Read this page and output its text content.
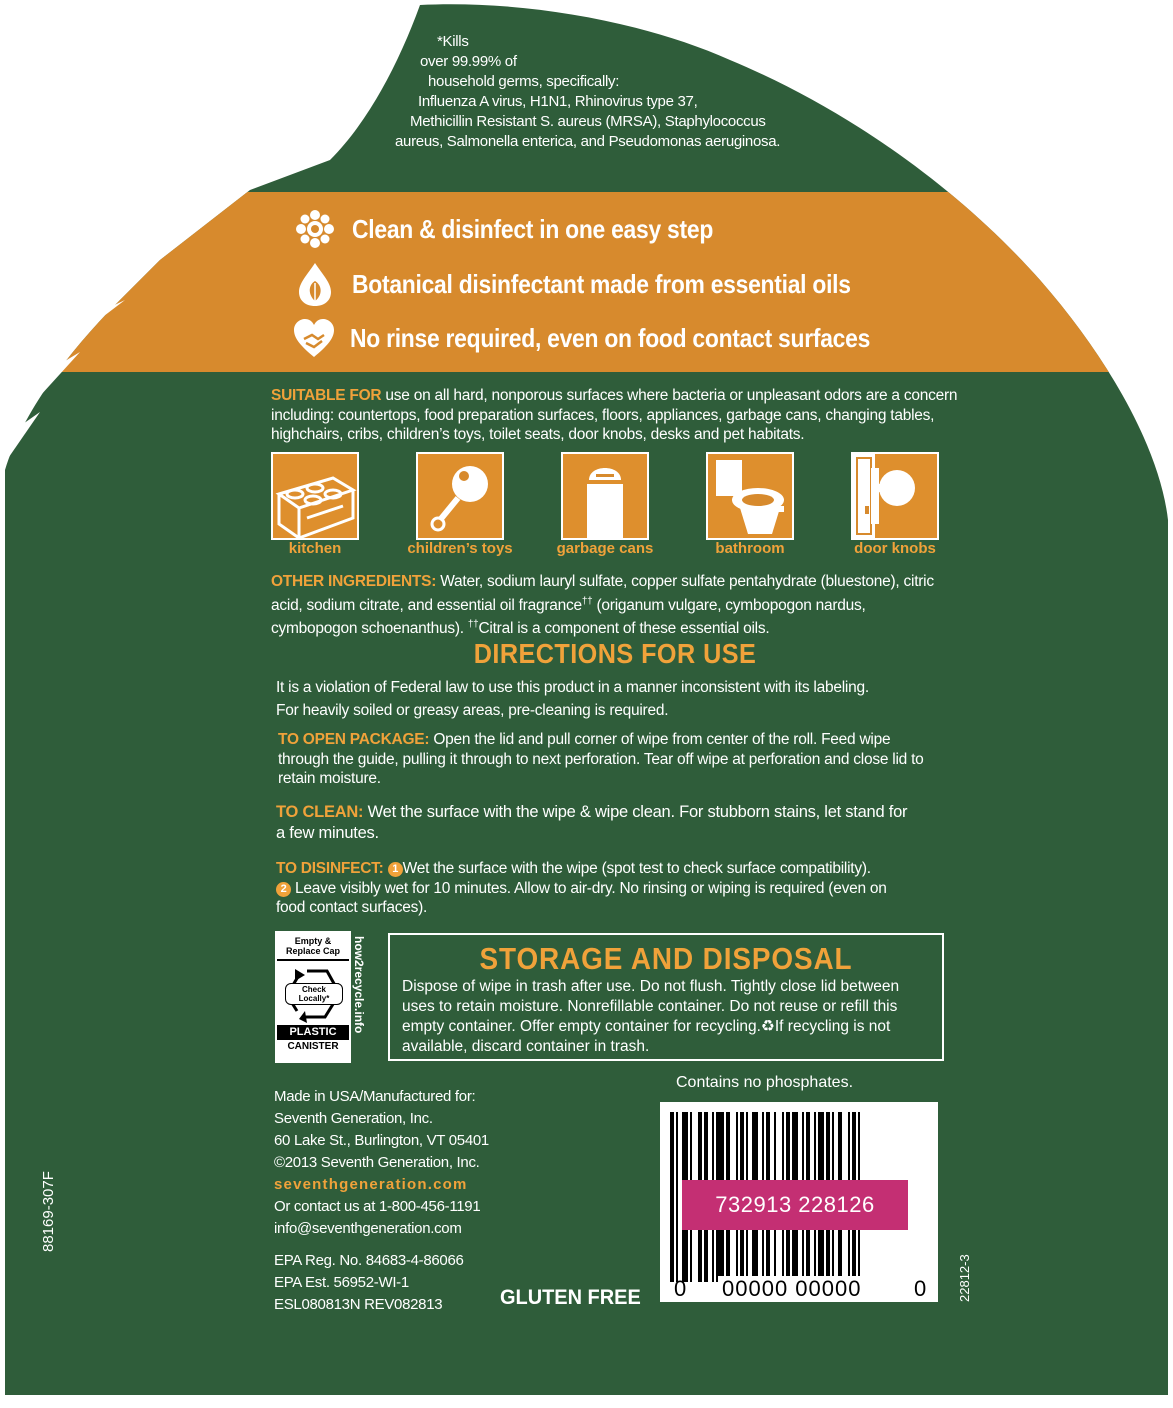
*Kills
over 99.99% of
household germs, specifically:
Influenza A virus, H1N1, Rhinovirus type 37,
Methicillin Resistant S. aureus (MRSA), Staphylococcus
aureus, Salmonella enterica, and Pseudomonas aeruginosa.
Clean & disinfect in one easy step
Botanical disinfectant made from essential oils
No rinse required, even on food contact surfaces
SUITABLE FOR use on all hard, nonporous surfaces where bacteria or unpleasant odors are a concern
including: countertops, food preparation surfaces, floors, appliances, garbage cans, changing tables,
highchairs, cribs, children’s toys, toilet seats, door knobs, desks and pet habitats.
kitchen	children’s toys	garbage cans	bathroom	door knobs
OTHER INGREDIENTS: Water, sodium lauryl sulfate, copper sulfate pentahydrate (bluestone), citric
acid, sodium citrate, and essential oil fragrance†† (origanum vulgare, cymbopogon nardus,
cymbopogon schoenanthus). ††Citral is a component of these essential oils.
DIRECTIONS FOR USE
It is a violation of Federal law to use this product in a manner inconsistent with its labeling.
For heavily soiled or greasy areas, pre-cleaning is required.
TO OPEN PACKAGE: Open the lid and pull corner of wipe from center of the roll. Feed wipe
through the guide, pulling it through to next perforation. Tear off wipe at perforation and close lid to
retain moisture.
TO CLEAN: Wet the surface with the wipe & wipe clean. For stubborn stains, let stand for
a few minutes.
TO DISINFECT: 1 Wet the surface with the wipe (spot test to check surface compatibility).
2 Leave visibly wet for 10 minutes. Allow to air-dry. No rinsing or wiping is required (even on
food contact surfaces).
Empty & Replace Cap
Check Locally*
PLASTIC
CANISTER
how2recycle.info	STORAGE AND DISPOSAL
Dispose of wipe in trash after use. Do not flush. Tightly close lid between
uses to retain moisture. Nonrefillable container. Do not reuse or refill this
empty container. Offer empty container for recycling.♻If recycling is not
available, discard container in trash.
Made in USA/Manufactured for:
Seventh Generation, Inc.
60 Lake St., Burlington, VT 05401
©2013 Seventh Generation, Inc.
seventhgeneration.com
Or contact us at 1-800-456-1191
info@seventhgeneration.com
EPA Reg. No. 84683-4-86066
EPA Est. 56952-WI-1
ESL080813N REV082813	GLUTEN FREE
Contains no phosphates.
732913 228126
0 00000 00000 0
88169-307F
22812-3
